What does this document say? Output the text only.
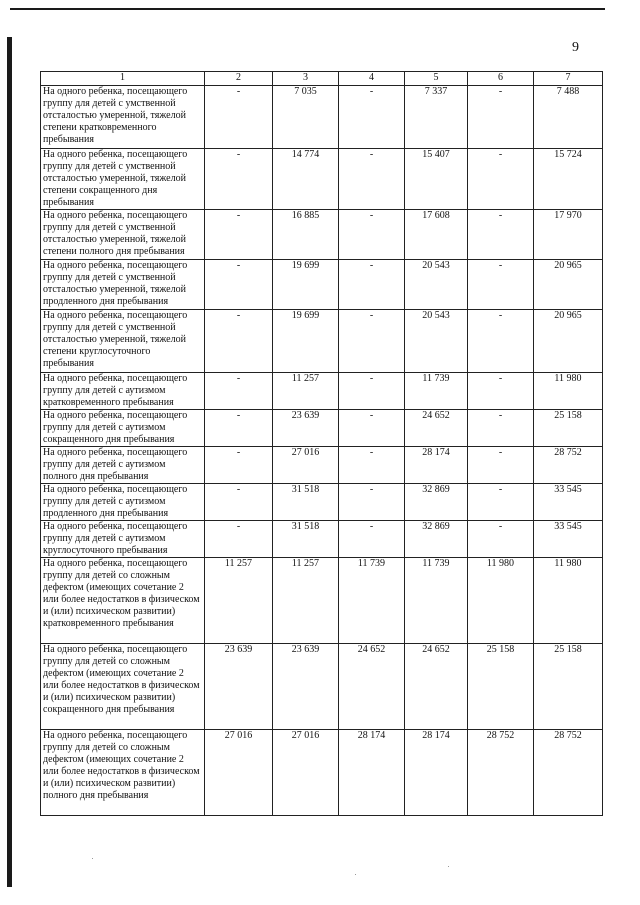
9
1	2	3	4	5	6	7
На одного ребенка, посещающего группу для детей с умственной отсталостью умеренной, тяжелой степени кратковременного пребывания	-	7 035	-	7 337	-	7 488
На одного ребенка, посещающего группу для детей с умственной отсталостью умеренной, тяжелой степени сокращенного дня пребывания	-	14 774	-	15 407	-	15 724
На одного ребенка, посещающего группу для детей с умственной отсталостью умеренной, тяжелой степени полного дня пребывания	-	16 885	-	17 608	-	17 970
На одного ребенка, посещающего группу для детей с умственной отсталостью умеренной, тяжелой продленного дня пребывания	-	19 699	-	20 543	-	20 965
На одного ребенка, посещающего группу для детей с умственной отсталостью умеренной, тяжелой степени круглосуточного пребывания	-	19 699	-	20 543	-	20 965
На одного ребенка, посещающего группу для детей с аутизмом кратковременного пребывания	-	11 257	-	11 739	-	11 980
На одного ребенка, посещающего группу для детей с аутизмом сокращенного дня пребывания	-	23 639	-	24 652	-	25 158
На одного ребенка, посещающего группу для детей с аутизмом полного дня пребывания	-	27 016	-	28 174	-	28 752
На одного ребенка, посещающего группу для детей с аутизмом продленного дня пребывания	-	31 518	-	32 869	-	33 545
На одного ребенка, посещающего группу для детей с аутизмом круглосуточного пребывания	-	31 518	-	32 869	-	33 545
На одного ребенка, посещающего группу для детей со сложным дефектом (имеющих сочетание 2 или более недостатков в физическом и (или) психическом развитии) кратковременного пребывания	11 257	11 257	11 739	11 739	11 980	11 980
На одного ребенка, посещающего группу для детей со сложным дефектом (имеющих сочетание 2 или более недостатков в физическом и (или) психическом развитии) сокращенного дня пребывания	23 639	23 639	24 652	24 652	25 158	25 158
На одного ребенка, посещающего группу для детей со сложным дефектом (имеющих сочетание 2 или более недостатков в физическом и (или) психическом развитии) полного дня пребывания	27 016	27 016	28 174	28 174	28 752	28 752
